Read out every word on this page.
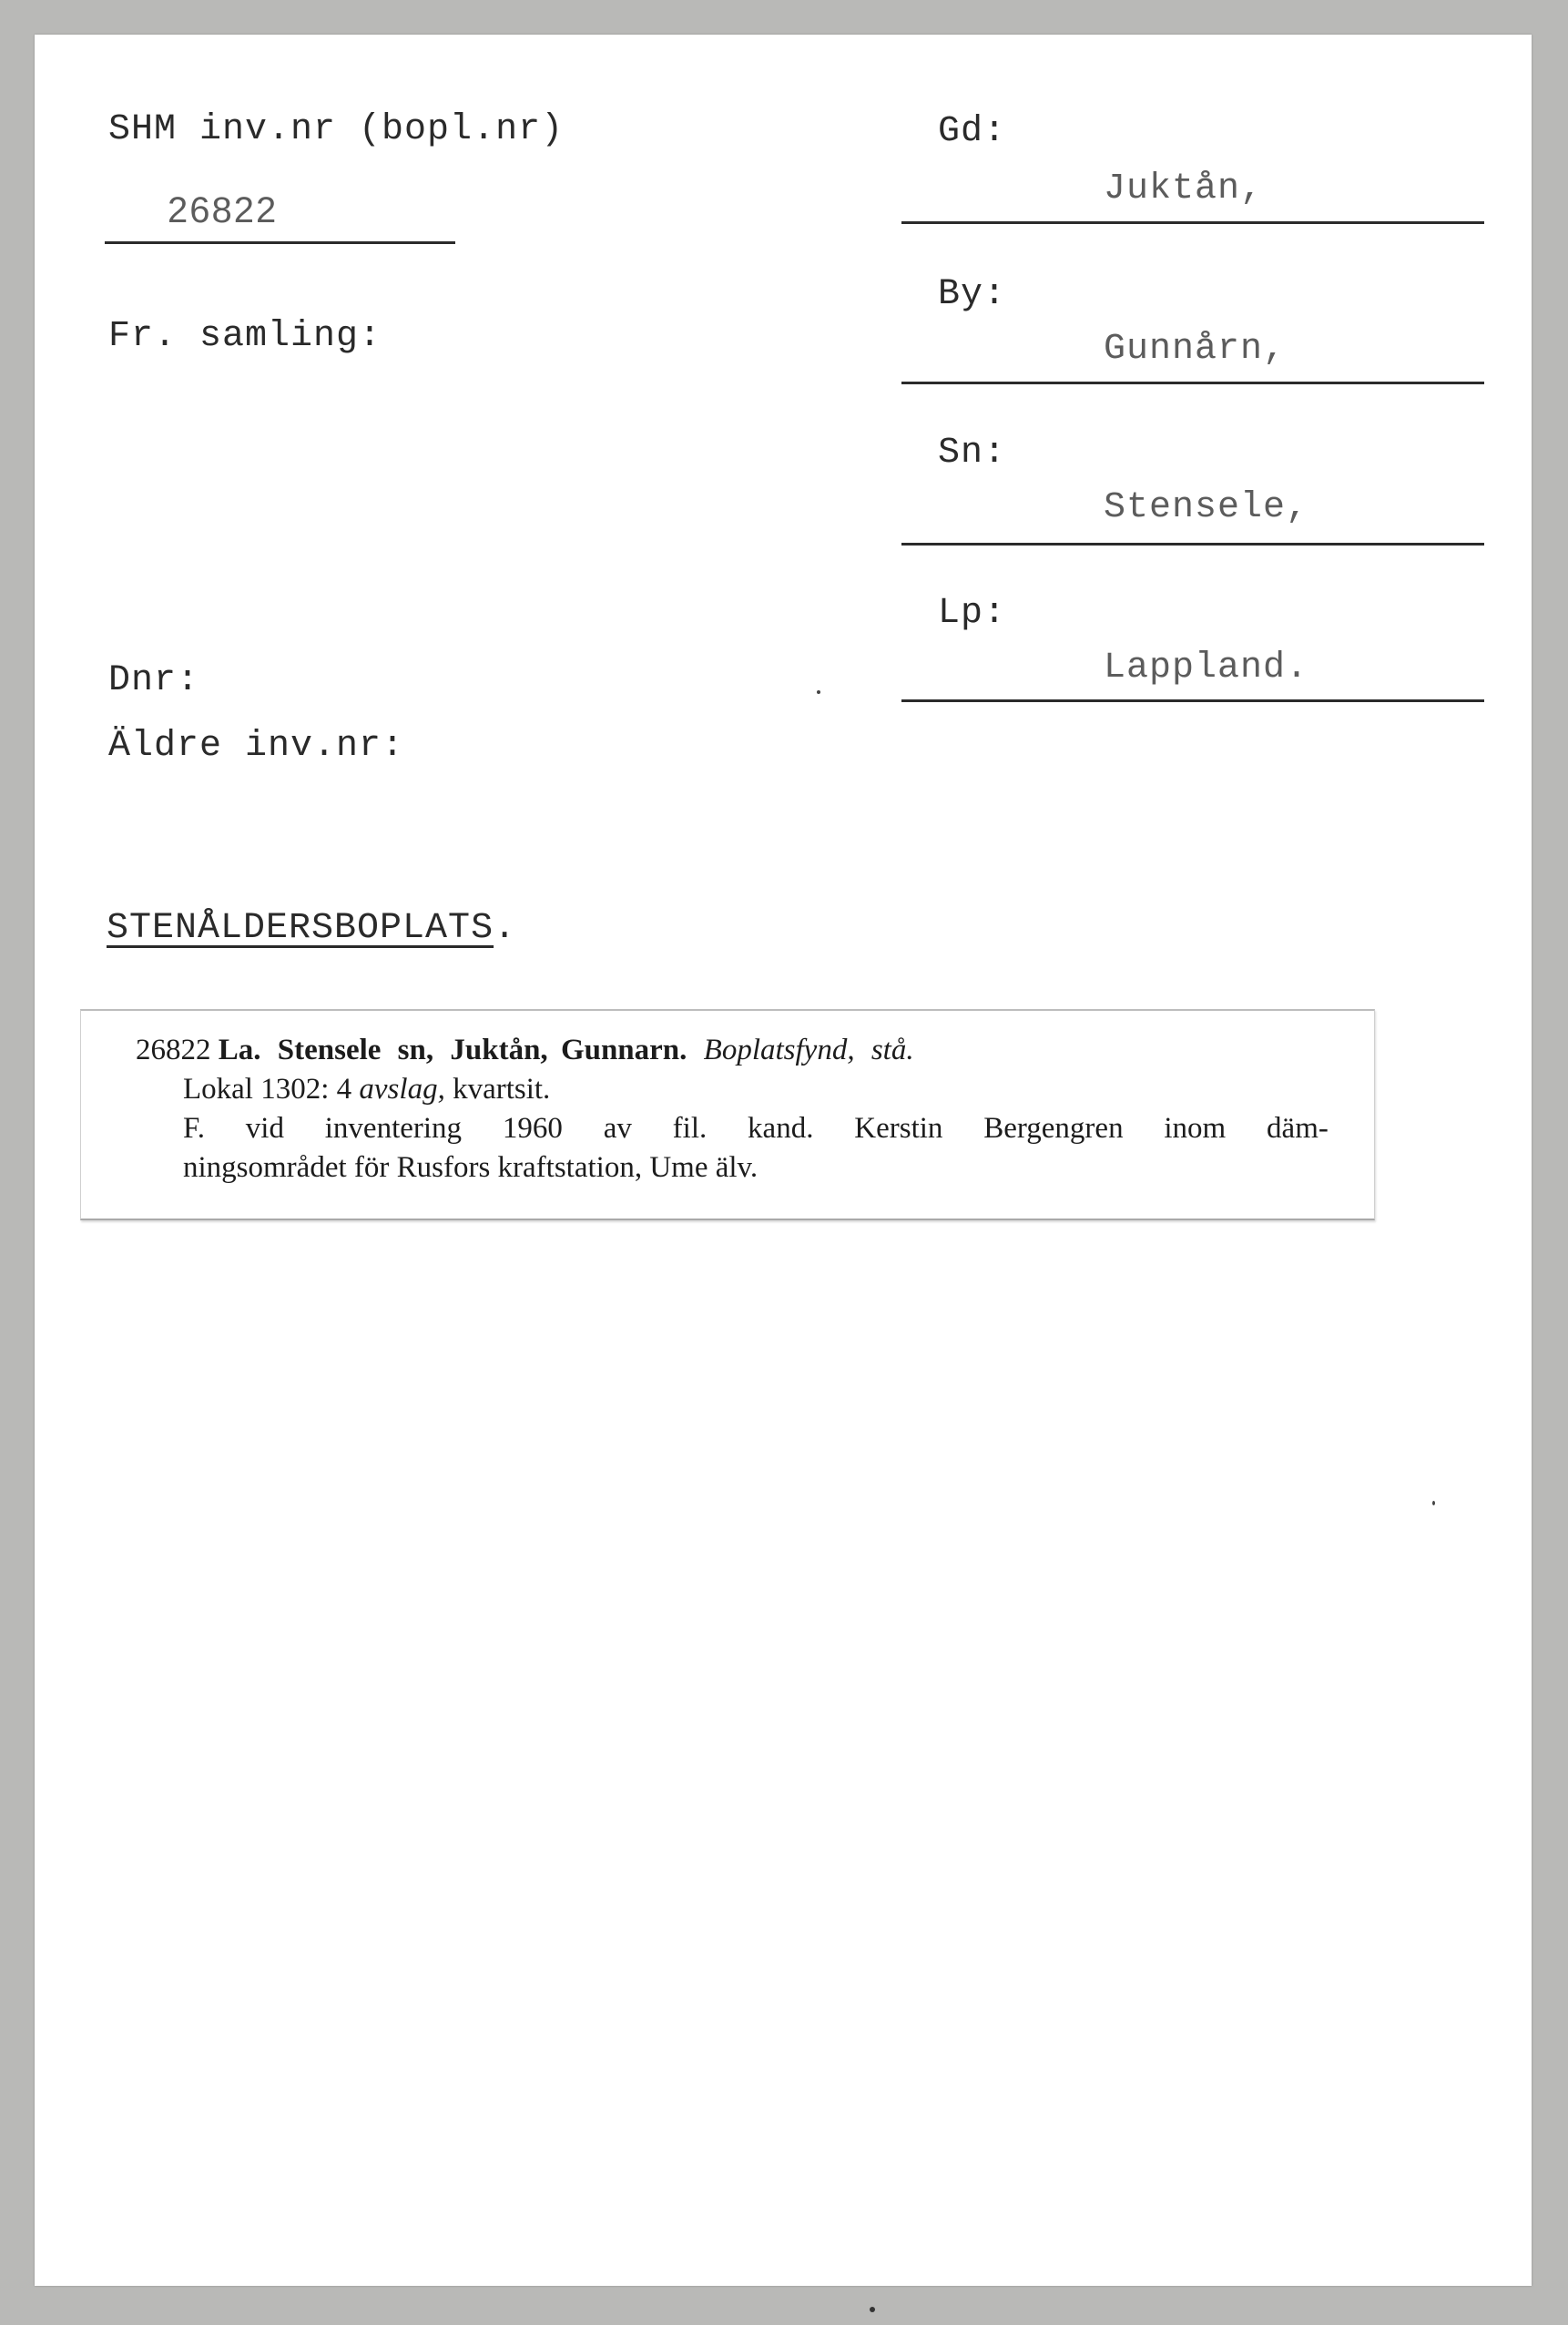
SHM inv.nr (bopl.nr)
26822
Fr. samling:
Dnr:
Äldre inv.nr:
Gd:
Juktån,
By:
Gunnårn,
Sn:
Stensele,
Lp:
Lappland.
STENÅLDERSBOPLATS.
26822 La. Stensele sn, Juktån, Gunnarn. Boplatsfynd, stå.
Lokal 1302: 4 avslag, kvartsit.
F. vid inventering 1960 av fil. kand. Kerstin Bergengren inom däm-
ningsområdet för Rusfors kraftstation, Ume älv.
